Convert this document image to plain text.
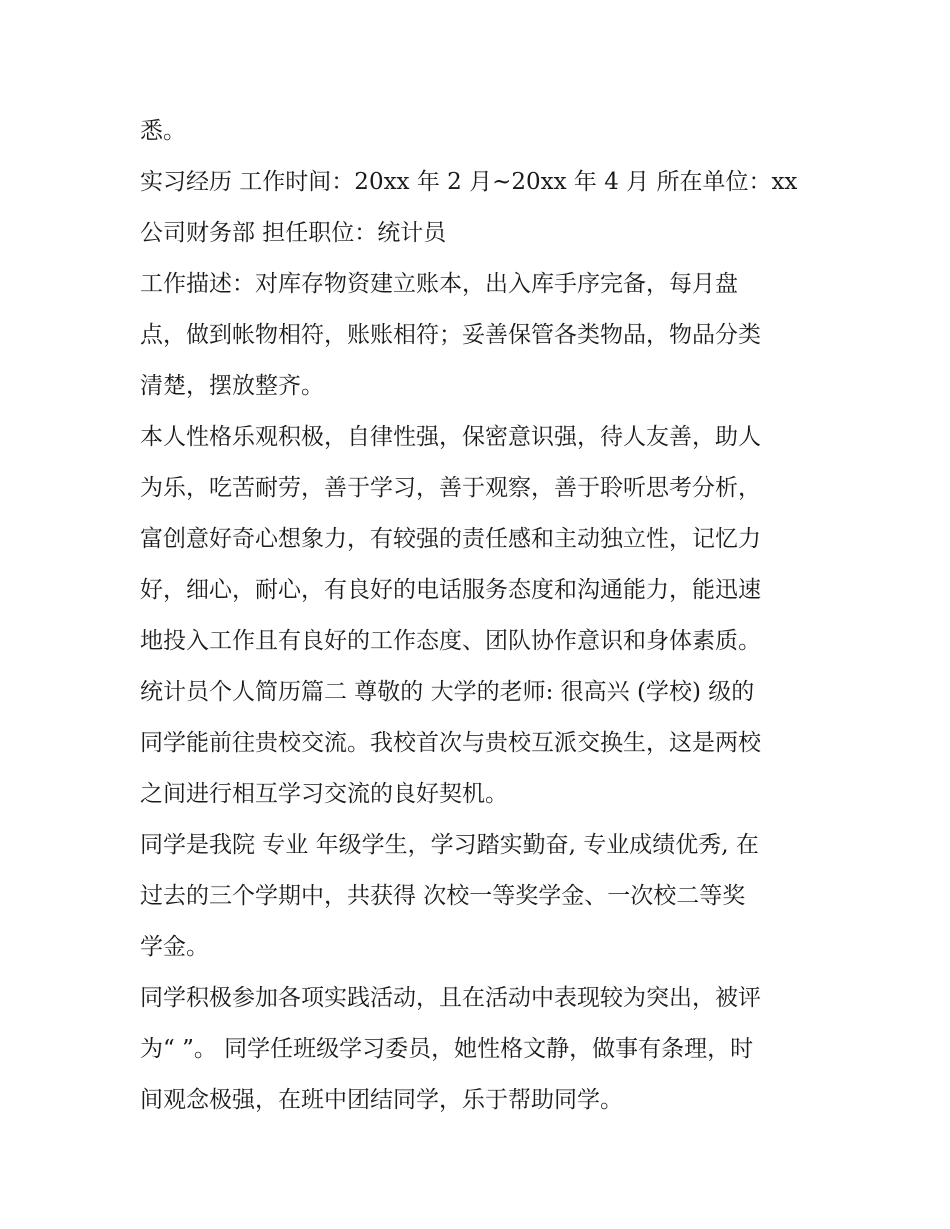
悉。
实习经历 工作时间：20xx 年 2 月~20xx 年 4 月 所在单位：xx
公司财务部 担任职位：统计员
工作描述：对库存物资建立账本，出入库手序完备，每月盘
点，做到帐物相符，账账相符；妥善保管各类物品，物品分类
清楚，摆放整齐。
本人性格乐观积极，自律性强，保密意识强，待人友善，助人
为乐，吃苦耐劳，善于学习，善于观察，善于聆听思考分析，
富创意好奇心想象力，有较强的责任感和主动独立性，记忆力
好，细心，耐心，有良好的电话服务态度和沟通能力，能迅速
地投入工作且有良好的工作态度、团队协作意识和身体素质。
统计员个人简历篇二 尊敬的 大学的老师: 很高兴 (学校) 级的
同学能前往贵校交流。我校首次与贵校互派交换生，这是两校
之间进行相互学习交流的良好契机。
同学是我院 专业 年级学生，学习踏实勤奋, 专业成绩优秀, 在
过去的三个学期中，共获得 次校一等奖学金、一次校二等奖
学金。
同学积极参加各项实践活动，且在活动中表现较为突出，被评
为“ ”。 同学任班级学习委员，她性格文静，做事有条理，时
间观念极强，在班中团结同学，乐于帮助同学。
